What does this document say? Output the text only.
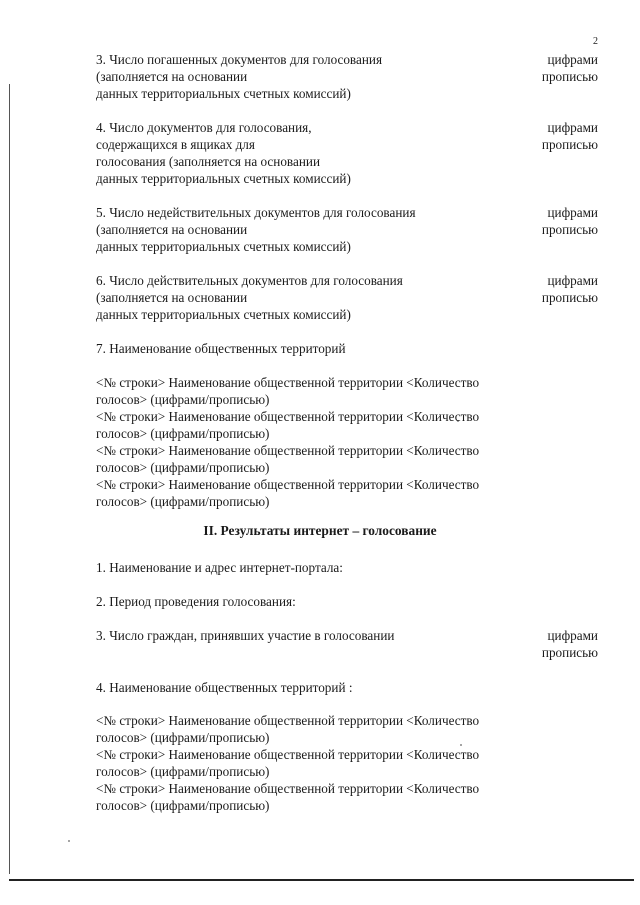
2
3. Число погашенных документов для голосования
(заполняется на основании
данных территориальных счетных комиссий)
цифрами
прописью
4. Число документов для голосования,
содержащихся в ящиках для
голосования (заполняется на основании
данных территориальных счетных комиссий)
цифрами
прописью
5. Число недействительных документов для голосования
(заполняется на основании
данных территориальных счетных комиссий)
цифрами
прописью
6. Число действительных документов для голосования
(заполняется на основании
данных территориальных счетных комиссий)
цифрами
прописью
7. Наименование общественных территорий
<№ строки> Наименование общественной территории <Количество
голосов> (цифрами/прописью)
<№ строки> Наименование общественной территории <Количество
голосов> (цифрами/прописью)
<№ строки> Наименование общественной территории <Количество
голосов> (цифрами/прописью)
<№ строки> Наименование общественной территории <Количество
голосов> (цифрами/прописью)
II. Результаты интернет – голосование
1. Наименование и адрес интернет-портала:
2. Период проведения голосования:
3. Число граждан, принявших участие в голосовании	цифрами
прописью
4. Наименование общественных территорий :
<№ строки> Наименование общественной территории <Количество
голосов> (цифрами/прописью)
<№ строки> Наименование общественной территории <Количество
голосов> (цифрами/прописью)
<№ строки> Наименование общественной территории <Количество
голосов> (цифрами/прописью)
